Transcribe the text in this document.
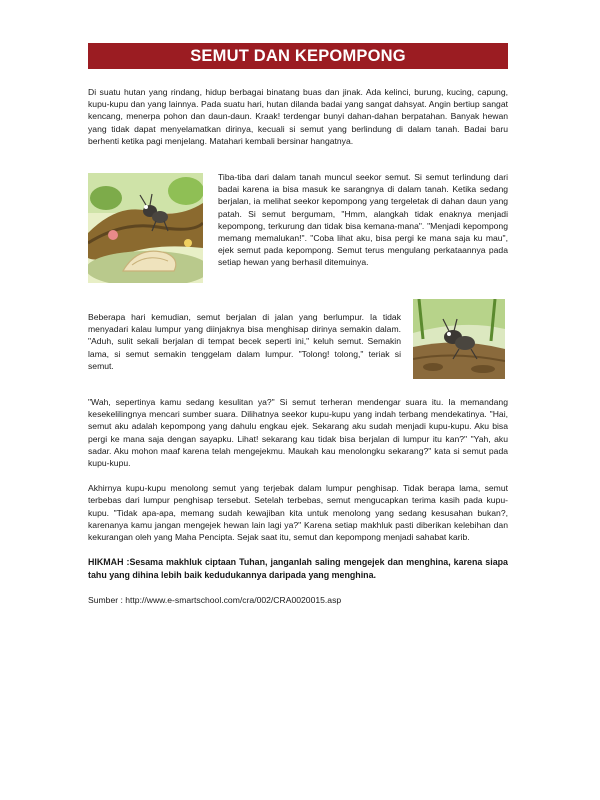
SEMUT DAN KEPOMPONG

Di suatu hutan yang rindang, hidup berbagai binatang buas dan jinak. Ada kelinci, burung, kucing, capung, kupu-kupu dan yang lainnya. Pada suatu hari, hutan dilanda badai yang sangat dahsyat. Angin bertiup sangat kencang, menerpa pohon dan daun-daun. Kraak! terdengar bunyi dahan-dahan berpatahan. Banyak hewan yang tidak dapat menyelamatkan dirinya, kecuali si semut yang berlindung di dalam tanah. Badai baru berhenti ketika pagi menjelang. Matahari kembali bersinar hangatnya.

Tiba-tiba dari dalam tanah muncul seekor semut. Si semut terlindung dari badai karena ia bisa masuk ke sarangnya di dalam tanah. Ketika sedang berjalan, ia melihat seekor kepompong yang tergeletak di dahan daun yang patah. Si semut bergumam, "Hmm, alangkah tidak enaknya menjadi kepompong, terkurung dan tidak bisa kemana-mana". "Menjadi kepompong memang memalukan!". "Coba lihat aku, bisa pergi ke mana saja ku mau", ejek semut pada kepompong. Semut terus mengulang perkataannya pada setiap hewan yang berhasil ditemuinya.

Beberapa hari kemudian, semut berjalan di jalan yang berlumpur. Ia tidak menyadari kalau lumpur yang diinjaknya bisa menghisap dirinya semakin dalam. "Aduh, sulit sekali berjalan di tempat becek seperti ini," keluh semut. Semakin lama, si semut semakin tenggelam dalam lumpur. "Tolong! tolong," teriak si semut.

"Wah, sepertinya kamu sedang kesulitan ya?" Si semut terheran mendengar suara itu. Ia memandang kesekelilingnya mencari sumber suara. Dilihatnya seekor kupu-kupu yang indah terbang mendekatinya. "Hai, semut aku adalah kepompong yang dahulu engkau ejek. Sekarang aku sudah menjadi kupu-kupu. Aku bisa pergi ke mana saja dengan sayapku. Lihat! sekarang kau tidak bisa berjalan di lumpur itu kan?" "Yah, aku sadar. Aku mohon maaf karena telah mengejekmu. Maukah kau menolongku sekarang?" kata si semut pada kupu-kupu.

Akhirnya kupu-kupu menolong semut yang terjebak dalam lumpur penghisap. Tidak berapa lama, semut terbebas dari lumpur penghisap tersebut. Setelah terbebas, semut mengucapkan terima kasih pada kupu-kupu. "Tidak apa-apa, memang sudah kewajiban kita untuk menolong yang sedang kesusahan bukan?, karenanya kamu jangan mengejek hewan lain lagi ya?" Karena setiap makhluk pasti diberikan kelebihan dan kekurangan oleh yang Maha Pencipta. Sejak saat itu, semut dan kepompong menjadi sahabat karib.

HIKMAH :Sesama makhluk ciptaan Tuhan, janganlah saling mengejek dan menghina, karena siapa tahu yang dihina lebih baik kedudukannya daripada yang menghina.

Sumber : http://www.e-smartschool.com/cra/002/CRA0020015.asp
